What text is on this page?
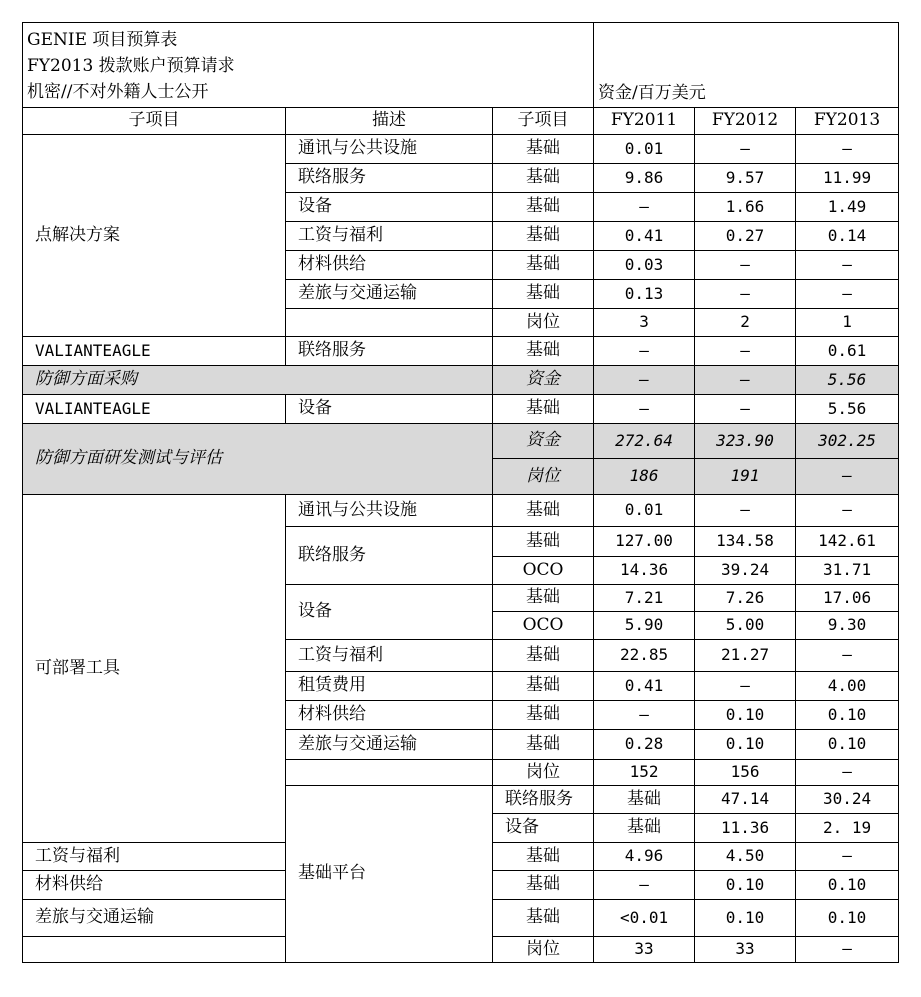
GENIE 项目预算表
FY2013 拨款账户预算请求
机密//不对外籍人士公开			资金/百万美元			
子项目	描述	子项目	FY2011	FY2012	FY2013	
点解决方案	通讯与公共设施	基础	0.01	–	–	
	联络服务	基础	9.86	9.57	11.99	
	设备	基础	–	1.66	1.49	
	工资与福利	基础	0.41	0.27	0.14	
	材料供给	基础	0.03	–	–	
	差旅与交通运输	基础	0.13	–	–	
		岗位	3	2	1	
VALIANTEAGLE	联络服务	基础	–	–	0.61	
防御方面采购		资金	–	–	5.56	
VALIANTEAGLE	设备	基础	–	–	5.56	
防御方面研发测试与评估		资金	272.64	323.90	302.25	
		岗位	186	191	–	
可部署工具	通讯与公共设施	基础	0.01	–	–	
	联络服务	基础	127.00	134.58	142.61	
		OCO	14.36	39.24	31.71	
	设备	基础	7.21	7.26	17.06	
		OCO	5.90	5.00	9.30	
	工资与福利	基础	22.85	21.27	–	
	租赁费用	基础	0.41	–	4.00	
	材料供给	基础	–	0.10	0.10	
	差旅与交通运输	基础	0.28	0.10	0.10	
		岗位	152	156	–	
	基础平台	联络服务	基础	47.14	30.24	
		设备	基础	11.36	2. 19	
工资与福利		基础	4.96	4.50	–	
材料供给		基础	–	0.10	0.10	
差旅与交通运输		基础	<0.01	0.10	0.10	
		岗位	33	33	–	
